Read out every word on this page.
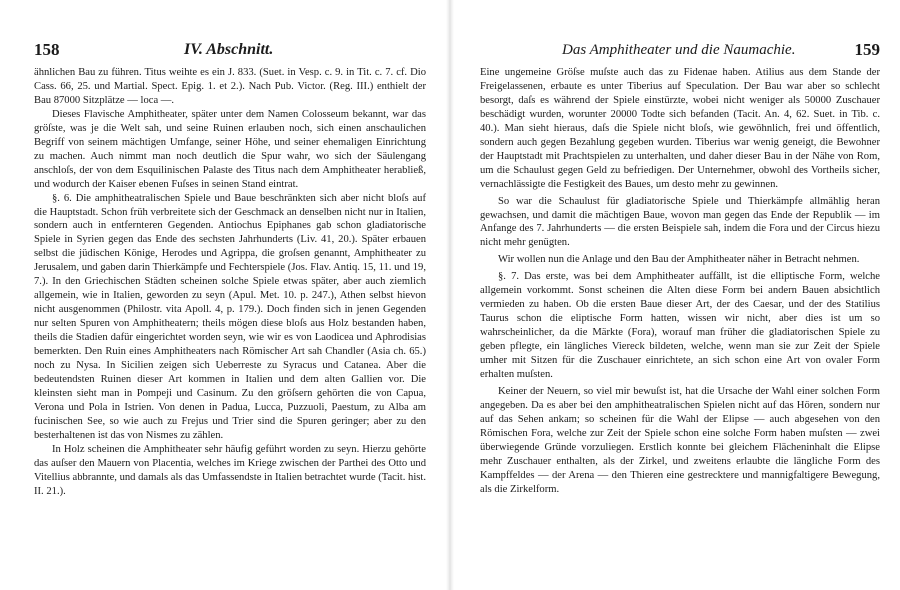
158	IV. Abschnitt.

ähnlichen Bau zu führen. Titus weihte es ein J. 833. (Suet. in Vesp. c. 9. in Tit. c. 7. cf. Dio Cass. 66, 25. und Martial. Spect. Epig. 1. et 2.). Nach Pub. Victor. (Reg. III.) enthielt der Bau 87000 Sitzplätze — loca —.

Dieses Flavische Amphitheater, später unter dem Namen Colosseum bekannt, war das gröſste, was je die Welt sah, und seine Ruinen erlauben noch, sich einen anschaulichen Begriff von seinem mächtigen Umfange, seiner Höhe, und seiner ehemaligen Einrichtung zu machen. Auch nimmt man noch deutlich die Spur wahr, wo sich der Säulengang anschloſs, der von dem Esquilinischen Palaste des Titus nach dem Amphitheater herabließ, und wodurch der Kaiser ebenen Fuſses in seinen Stand eintrat.

§. 6. Die amphitheatralischen Spiele und Baue beschränkten sich aber nicht bloſs auf die Hauptstadt. Schon früh verbreitete sich der Geschmack an denselben nicht nur in Italien, sondern auch in entfernteren Gegenden. Antiochus Epiphanes gab schon gladiatorische Spiele in Syrien gegen das Ende des sechsten Jahrhunderts (Liv. 41, 20.). Später erbauen selbst die jüdischen Könige, Herodes und Agrippa, die groſsen genannt, Amphitheater zu Jerusalem, und gaben darin Thierkämpfe und Fechterspiele (Jos. Flav. Antiq. 15, 11. und 19, 7.). In den Griechischen Städten scheinen solche Spiele etwas später, aber auch ziemlich allgemein, wie in Italien, geworden zu seyn (Apul. Met. 10. p. 247.), Athen selbst hievon nicht ausgenommen (Philostr. vita Apoll. 4, p. 179.). Doch finden sich in jenen Gegenden nur selten Spuren von Amphitheatern; theils mögen diese bloſs aus Holz bestanden haben, theils die Stadien dafür eingerichtet worden seyn, wie wir es von Laodicea und Aphrodisias bemerkten. Den Ruin eines Amphitheaters nach Römischer Art sah Chandler (Asia ch. 65.) noch zu Nysa. In Sicilien zeigen sich Ueberreste zu Syracus und Catanea. Aber die bedeutendsten Ruinen dieser Art kommen in Italien und dem alten Gallien vor. Die kleinsten sieht man in Pompeji und Casinum. Zu den gröſsern gehörten die von Capua, Verona und Pola in Istrien. Von denen in Padua, Lucca, Puzzuoli, Paestum, zu Alba am fucinischen See, so wie auch zu Frejus und Trier sind die Spuren geringer; aber zu den besterhaltenen ist das von Nismes zu zählen.

In Holz scheinen die Amphitheater sehr häufig geführt worden zu seyn. Hierzu gehörte das auſser den Mauern von Placentia, welches im Kriege zwischen der Parthei des Otto und Vitellius abbrannte, und damals als das Umfassendste in Italien betrachtet wurde (Tacit. hist. II. 21.).

Das Amphitheater und die Naumachie.	159

Eine ungemeine Gröſse muſste auch das zu Fidenae haben. Atilius aus dem Stande der Freigelassenen, erbaute es unter Tiberius auf Speculation. Der Bau war aber so schlecht besorgt, daſs es während der Spiele einstürzte, wobei nicht weniger als 50000 Zuschauer beschädigt wurden, worunter 20000 Todte sich befanden (Tacit. An. 4, 62. Suet. in Tib. c. 40.). Man sieht hieraus, daſs die Spiele nicht bloſs, wie gewöhnlich, frei und öffentlich, sondern auch gegen Bezahlung gegeben wurden. Tiberius war wenig geneigt, die Bewohner der Hauptstadt mit Prachtspielen zu unterhalten, und daher dieser Bau in der Nähe von Rom, um die Schaulust gegen Geld zu befriedigen. Der Unternehmer, obwohl des Vortheils sicher, vernachlässigte die Festigkeit des Baues, um desto mehr zu gewinnen.

So war die Schaulust für gladiatorische Spiele und Thierkämpfe allmählig heran gewachsen, und damit die mächtigen Baue, wovon man gegen das Ende der Republik — im Anfange des 7. Jahrhunderts — die ersten Beispiele sah, indem die Fora und der Circus hiezu nicht mehr genügten.

Wir wollen nun die Anlage und den Bau der Amphitheater näher in Betracht nehmen.

§. 7. Das erste, was bei dem Amphitheater auffällt, ist die elliptische Form, welche allgemein vorkommt. Sonst scheinen die Alten diese Form bei andern Bauen absichtlich vermieden zu haben. Ob die ersten Baue dieser Art, der des Caesar, und der des Statilius Taurus schon die eliptische Form hatten, wissen wir nicht, aber dies ist um so wahrscheinlicher, da die Märkte (Fora), worauf man früher die gladiatorischen Spiele zu geben pflegte, ein längliches Viereck bildeten, welche, wenn man sie zur Zeit der Spiele umher mit Sitzen für die Zuschauer einrichtete, an sich schon eine Art von ovaler Form erhalten muſsten.

Keiner der Neuern, so viel mir bewuſst ist, hat die Ursache der Wahl einer solchen Form angegeben. Da es aber bei den amphitheatralischen Spielen nicht auf das Hören, sondern nur auf das Sehen ankam; so scheinen für die Wahl der Elipse — auch abgesehen von den Römischen Fora, welche zur Zeit der Spiele schon eine solche Form haben muſsten — zwei überwiegende Gründe vorzuliegen. Erstlich konnte bei gleichem Flächeninhalt die Elipse mehr Zuschauer enthalten, als der Zirkel, und zweitens erlaubte die längliche Form des Kampffeldes — der Arena — den Thieren eine gestrecktere und mannigfaltigere Bewegung, als die Zirkelform.
